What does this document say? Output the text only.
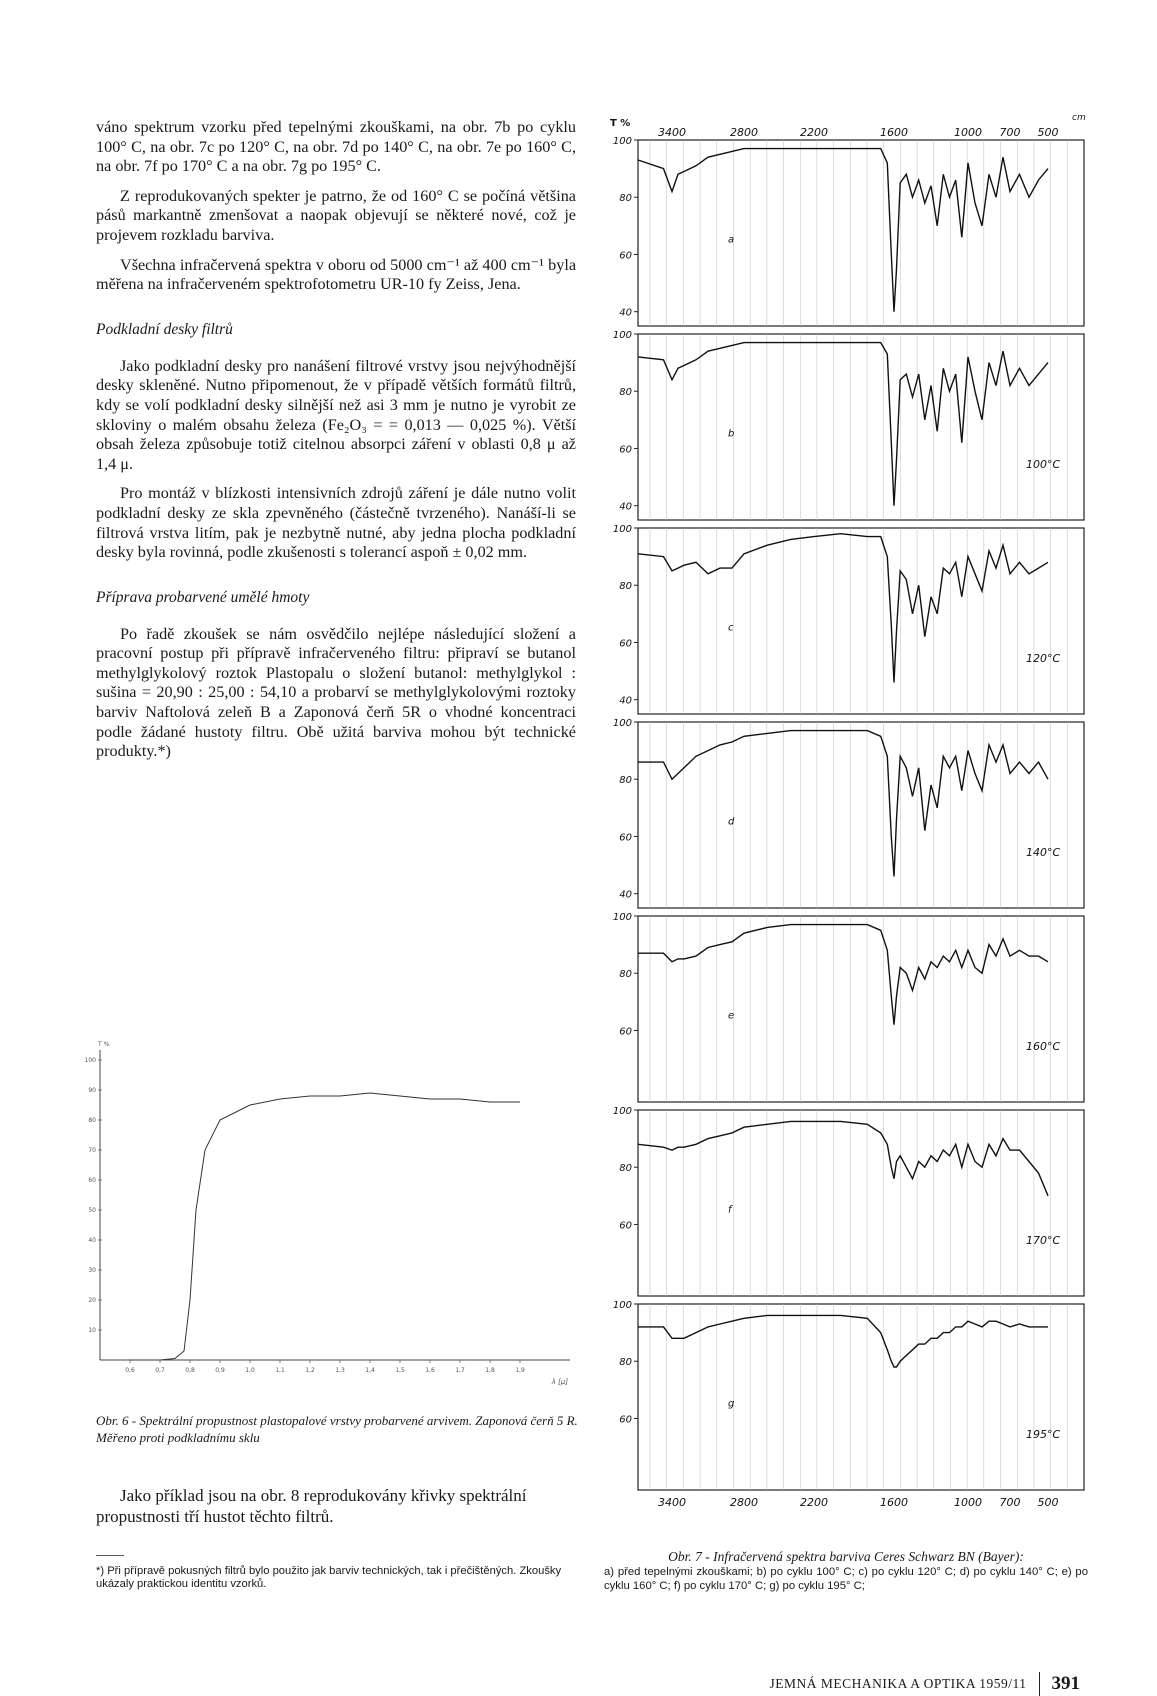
váno spektrum vzorku před tepelnými zkouškami, na obr. 7b po cyklu 100° C, na obr. 7c po 120° C, na obr. 7d po 140° C, na obr. 7e po 160° C, na obr. 7f po 170° C a na obr. 7g po 195° C.

Z reprodukovaných spekter je patrno, že od 160° C se počíná většina pásů markantně zmenšovat a naopak objevují se některé nové, což je projevem rozkladu barviva.

Všechna infračervená spektra v oboru od 5000 cm⁻¹ až 400 cm⁻¹ byla měřena na infračerveném spektrofotometru UR-10 fy Zeiss, Jena.

Podkladní desky filtrů

Jako podkladní desky pro nanášení filtrové vrstvy jsou nejvýhodnější desky skleněné. Nutno připomenout, že v případě větších formátů filtrů, kdy se volí podkladní desky silnější než asi 3 mm je nutno je vyrobit ze skloviny o malém obsahu železa (Fe₂O₃ = = 0,013 — 0,025 %). Větší obsah železa způsobuje totiž citelnou absorpci záření v oblasti 0,8 μ až 1,4 μ.

Pro montáž v blízkosti intensivních zdrojů záření je dále nutno volit podkladní desky ze skla zpevněného (částečně tvrzeného). Nanáší-li se filtrová vrstva litím, pak je nezbytně nutné, aby jedna plocha podkladní desky byla rovinná, podle zkušenosti s tolerancí aspoň ± 0,02 mm.

Příprava probarvené umělé hmoty

Po řadě zkoušek se nám osvědčilo nejlépe následující složení a pracovní postup při přípravě infračerveného filtru: připraví se butanol methylglykolový roztok Plastopalu o složení butanol: methylglykol : sušina = 20,90 : 25,00 : 54,10 a probarví se methylglykolovými roztoky barviv Naftolová zeleň B a Zaponová čerň 5R o vhodné koncentraci podle žádané hustoty filtru. Obě užitá barviva mohou být technické produkty.*)

T %
10
20
30
40
50
60
70
80
90
100
0,6	0,7	0,8	0,9	1,0	1,1	1,2	1,3	1,4	1,5	1,6	1,7	1,8	1,9
λ [μ]
Obr. 6 - Spektrální propustnost plastopalové vrstvy probarvené arvivem. Zaponová čerň 5 R. Měřeno proti podkladnímu sklu
Jako příklad jsou na obr. 8 reprodukovány křivky spektrální propustnosti tří hustot těchto filtrů.
*) Při přípravě pokusných filtrů bylo použito jak barviv technických, tak i přečištěných. Zkoušky ukázaly praktickou identitu vzorků.
T %	cm
3400	2800	2200	1600	1000 700 500
100
80
60
40
100
80
60
40
100
80
60
40
100
80
60
40
100
80
60
100
80
60
100
80
60
3400	2800	2200	1600	1000 700 500
a
b
100°C
c
120°C
d
140°C
e
160°C
f
170°C
g
195°C
Obr. 7 - Infračervená spektra barviva Ceres Schwarz BN (Bayer):
a) před tepelnými zkouškami; b) po cyklu 100° C; c) po cyklu 120° C; d) po cyklu 140° C; e) po cyklu 160° C; f) po cyklu 170° C; g) po cyklu 195° C;
JEMNÁ MECHANIKA A OPTIKA 1959/11 391
